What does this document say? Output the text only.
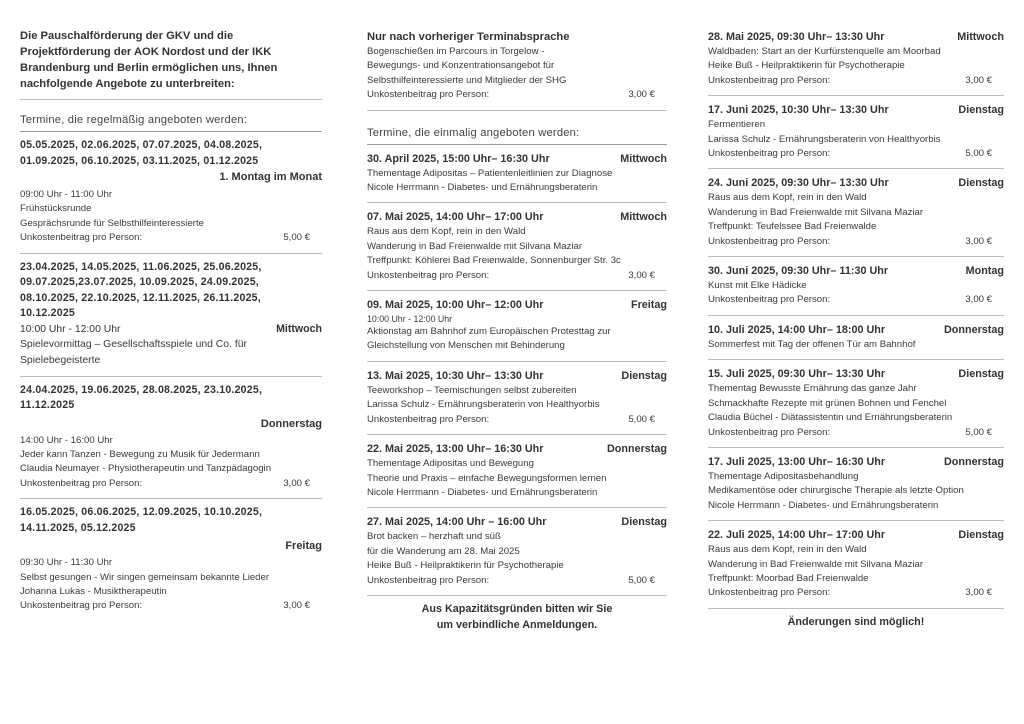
Die Pauschalförderung der GKV und die
Projektförderung der AOK Nordost und der IKK
Brandenburg und Berlin ermöglichen uns, Ihnen
nachfolgende Angebote zu unterbreiten:
Termine, die regelmäßig angeboten werden:
05.05.2025, 02.06.2025, 07.07.2025, 04.08.2025,
01.09.2025, 06.10.2025, 03.11.2025, 01.12.2025
1. Montag im Monat
09:00 Uhr - 11:00 Uhr
Frühstücksrunde
Gesprächsrunde für Selbsthilfeinteressierte
Unkostenbeitrag pro Person:	5,00 €
23.04.2025, 14.05.2025, 11.06.2025, 25.06.2025,
09.07.2025,23.07.2025, 10.09.2025, 24.09.2025,
08.10.2025, 22.10.2025, 12.11.2025, 26.11.2025,
10.12.2025
10:00 Uhr - 12:00 Uhr	Mittwoch
Spielevormittag – Gesellschaftsspiele und Co. für
Spielebegeisterte
24.04.2025, 19.06.2025, 28.08.2025, 23.10.2025,
11.12.2025
Donnerstag
14:00 Uhr - 16:00 Uhr
Jeder kann Tanzen - Bewegung zu Musik für Jedermann
Claudia Neumayer - Physiotherapeutin und Tanzpädagogin
Unkostenbeitrag pro Person:	3,00 €
16.05.2025, 06.06.2025, 12.09.2025, 10.10.2025,
14.11.2025, 05.12.2025
Freitag
09:30 Uhr - 11:30 Uhr
Selbst gesungen - Wir singen gemeinsam bekannte Lieder
Johanna Lukas - Musiktherapeutin
Unkostenbeitrag pro Person:	3,00 €
Nur nach vorheriger Terminabsprache
Bogenschießen im Parcours in Torgelow -
Bewegungs- und Konzentrationsangebot für
Selbsthilfeinteressierte und Mitglieder der SHG
Unkostenbeitrag pro Person:	3,00 €
Termine, die einmalig angeboten werden:
30. April 2025, 15:00 Uhr– 16:30 Uhr	Mittwoch
Thementage Adipositas – Patientenleitlinien zur Diagnose
Nicole Herrmann - Diabetes- und Ernährungsberaterin
07. Mai 2025, 14:00 Uhr– 17:00 Uhr	Mittwoch
Raus aus dem Kopf, rein in den Wald
Wanderung in Bad Freienwalde mit Silvana Maziar
Treffpunkt: Köhlerei Bad Freienwalde, Sonnenburger Str. 3c
Unkostenbeitrag pro Person:	3,00 €
09. Mai 2025, 10:00 Uhr– 12:00 Uhr	Freitag
10:00 Uhr - 12:00 Uhr
Aktionstag am Bahnhof zum Europäischen Protesttag zur
Gleichstellung von Menschen mit Behinderung
13. Mai 2025, 10:30 Uhr– 13:30 Uhr	Dienstag
Teeworkshop – Teemischungen selbst zubereiten
Larissa Schulz - Ernährungsberaterin von Healthyorbis
Unkostenbeitrag pro Person:	5,00 €
22. Mai 2025, 13:00 Uhr– 16:30 Uhr	Donnerstag
Thementage Adipositas und Bewegung
Theorie und Praxis – einfache Bewegungsformen lernen
Nicole Herrmann - Diabetes- und Ernährungsberaterin
27. Mai 2025, 14:00 Uhr – 16:00 Uhr	Dienstag
Brot backen – herzhaft und süß
für die Wanderung am 28. Mai 2025
Heike Buß - Heilpraktikerin für Psychotherapie
Unkostenbeitrag pro Person:	5,00 €
Aus Kapazitätsgründen bitten wir Sie
um verbindliche Anmeldungen.
28. Mai 2025, 09:30 Uhr– 13:30 Uhr	Mittwoch
Waldbaden: Start an der Kurfürstenquelle am Moorbad
Heike Buß - Heilpraktikerin für Psychotherapie
Unkostenbeitrag pro Person:	3,00 €
17. Juni 2025, 10:30 Uhr– 13:30 Uhr	Dienstag
Fermentieren
Larissa Schulz - Ernährungsberaterin von Healthyorbis
Unkostenbeitrag pro Person:	5,00 €
24. Juni 2025, 09:30 Uhr– 13:30 Uhr	Dienstag
Raus aus dem Kopf, rein in den Wald
Wanderung in Bad Freienwalde mit Silvana Maziar
Treffpunkt: Teufelssee Bad Freienwalde
Unkostenbeitrag pro Person:	3,00 €
30. Juni 2025, 09:30 Uhr– 11:30 Uhr	Montag
Kunst mit Elke Hädicke
Unkostenbeitrag pro Person:	3,00 €
10. Juli 2025, 14:00 Uhr– 18:00 Uhr	Donnerstag
Sommerfest mit Tag der offenen Tür am Bahnhof
15. Juli 2025, 09:30 Uhr– 13:30 Uhr	Dienstag
Thementag Bewusste Ernährung das ganze Jahr
Schmackhafte Rezepte mit grünen Bohnen und Fenchel
Claudia Büchel - Diätassistentin und Ernährungsberaterin
Unkostenbeitrag pro Person:	5,00 €
17. Juli 2025, 13:00 Uhr– 16:30 Uhr	Donnerstag
Thementage Adipositasbehandlung
Medikamentöse oder chirurgische Therapie als letzte Option
Nicole Herrmann - Diabetes- und Ernährungsberaterin
22. Juli 2025, 14:00 Uhr– 17:00 Uhr	Dienstag
Raus aus dem Kopf, rein in den Wald
Wanderung in Bad Freienwalde mit Silvana Maziar
Treffpunkt: Moorbad Bad Freienwalde
Unkostenbeitrag pro Person:	3,00 €
Änderungen sind möglich!
